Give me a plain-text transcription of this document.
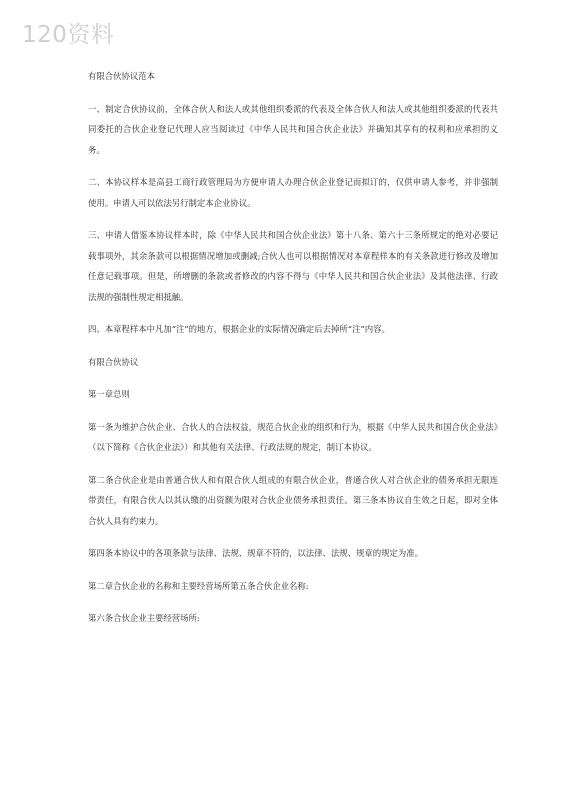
120资料

有限合伙协议范本

一、制定合伙协议前，全体合伙人和法人或其他组织委派的代表及全体合伙人和法人或其他组织委派的代表共同委托的合伙企业登记代理人应当阅读过《中华人民共和国合伙企业法》并确知其享有的权利和应承担的义务。

二、本协议样本是高县工商行政管理局为方便申请人办理合伙企业登记而拟订的，仅供申请人参考，并非强制使用。申请人可以依法另行制定本企业协议。

三、申请人借鉴本协议样本时，除《中华人民共和国合伙企业法》第十八条、第六十三条所规定的绝对必要记载事项外，其余条款可以根据情况增加或删减;合伙人也可以根据情况对本章程样本的有关条款进行修改及增加任意记载事项。但是，所增删的条款或者修改的内容不得与《中华人民共和国合伙企业法》及其他法律、行政法规的强制性规定相抵触。

四、本章程样本中凡加“注”的地方，根据企业的实际情况确定后去掉所“注”内容。

有限合伙协议

第一章总则

第一条为维护合伙企业、合伙人的合法权益，规范合伙企业的组织和行为，根据《中华人民共和国合伙企业法》（以下简称《合伙企业法》）和其他有关法律、行政法规的规定，制订本协议。

第二条合伙企业是由普通合伙人和有限合伙人组成的有限合伙企业，普通合伙人对合伙企业的债务承担无限连带责任，有限合伙人以其认缴的出资额为限对合伙企业债务承担责任。第三条本协议自生效之日起，即对全体合伙人具有约束力。

第四条本协议中的各项条款与法律、法规、规章不符的，以法律、法规、规章的规定为准。

第二章合伙企业的名称和主要经营场所第五条合伙企业名称:

第六条合伙企业主要经营场所:
